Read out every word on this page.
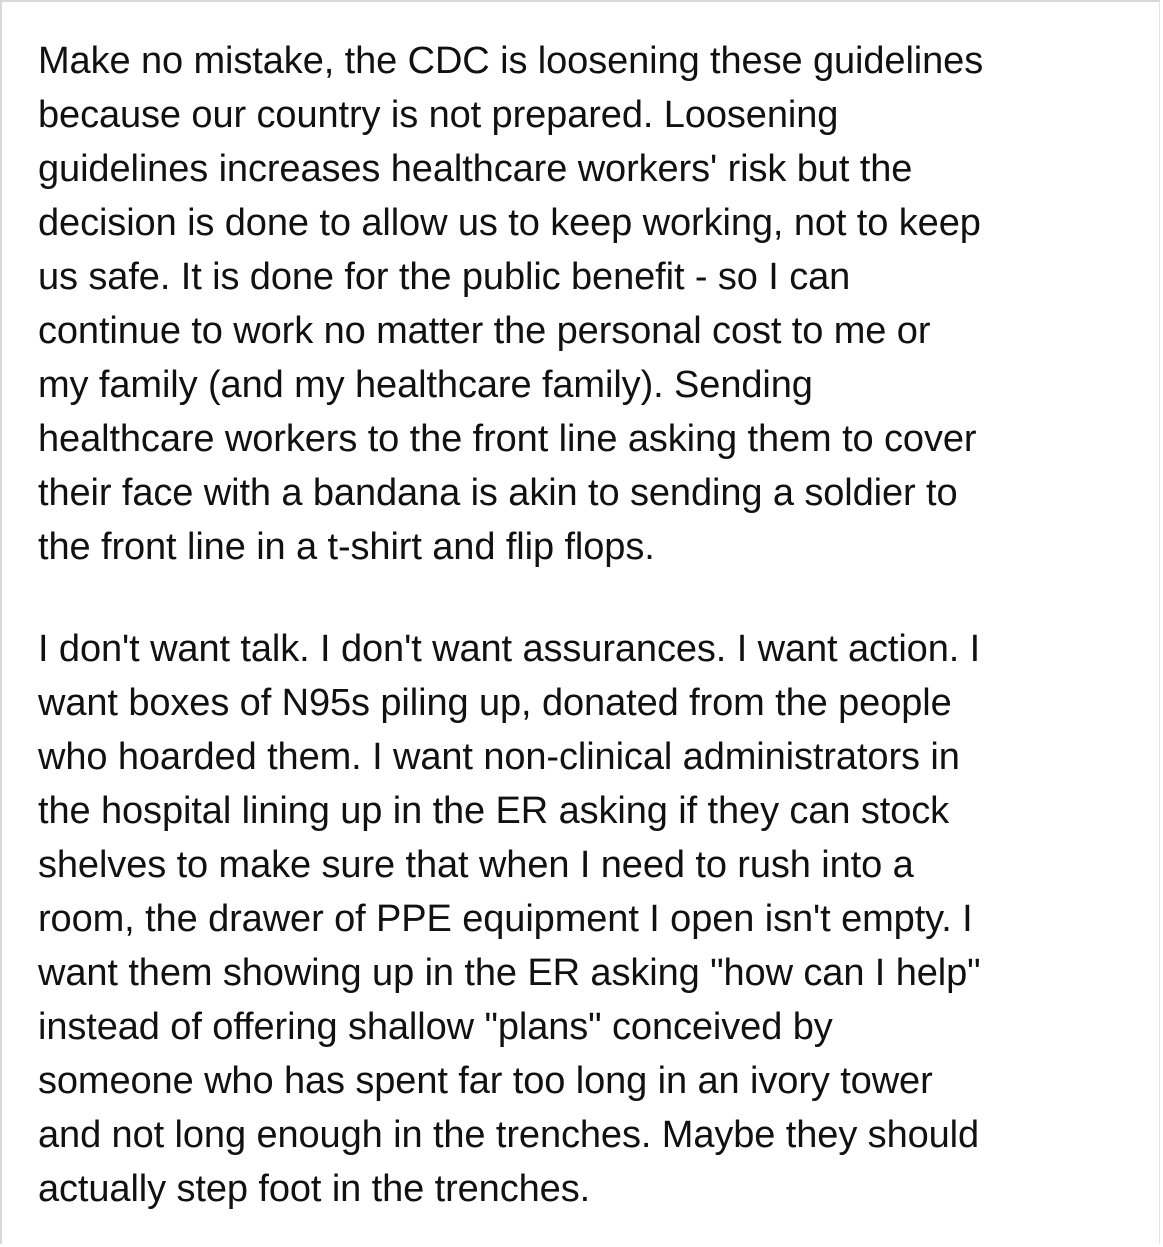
Make no mistake, the CDC is loosening these guidelines
because our country is not prepared. Loosening
guidelines increases healthcare workers' risk but the
decision is done to allow us to keep working, not to keep
us safe. It is done for the public benefit - so I can
continue to work no matter the personal cost to me or
my family (and my healthcare family). Sending
healthcare workers to the front line asking them to cover
their face with a bandana is akin to sending a soldier to
the front line in a t-shirt and flip flops.
I don't want talk. I don't want assurances. I want action. I
want boxes of N95s piling up, donated from the people
who hoarded them. I want non-clinical administrators in
the hospital lining up in the ER asking if they can stock
shelves to make sure that when I need to rush into a
room, the drawer of PPE equipment I open isn't empty. I
want them showing up in the ER asking "how can I help"
instead of offering shallow "plans" conceived by
someone who has spent far too long in an ivory tower
and not long enough in the trenches. Maybe they should
actually step foot in the trenches.
